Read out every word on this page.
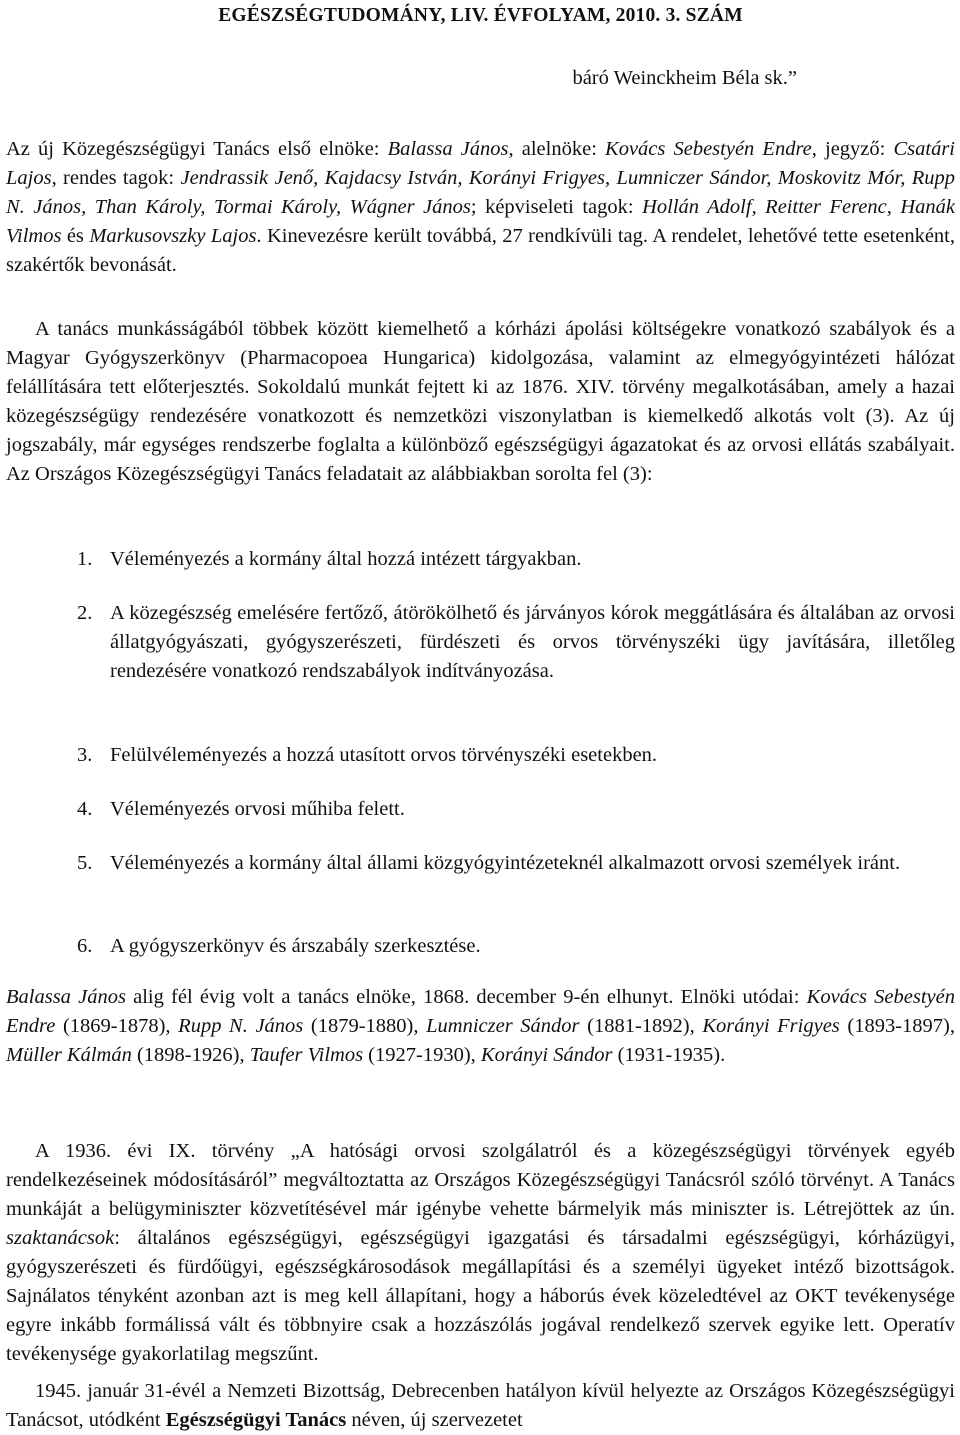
EGÉSZSÉGTUDOMÁNY, LIV. ÉVFOLYAM, 2010. 3. SZÁM
báró Weinckheim Béla sk.”

Az új Közegészségügyi Tanács első elnöke: Balassa János, alelnöke: Kovács Sebestyén Endre, jegyző: Csatári Lajos, rendes tagok: Jendrassik Jenő, Kajdacsy István, Korányi Frigyes, Lumniczer Sándor, Moskovitz Mór, Rupp N. János, Than Károly, Tormai Károly, Wágner János; képviseleti tagok: Hollán Adolf, Reitter Ferenc, Hanák Vilmos és Markusovszky Lajos. Kinevezésre került továbbá, 27 rendkívüli tag. A rendelet, lehetővé tette esetenként, szakértők bevonását.

A tanács munkásságából többek között kiemelhető a kórházi ápolási költségekre vonatkozó szabályok és a Magyar Gyógyszerkönyv (Pharmacopoea Hungarica) kidolgozása, valamint az elmegyógyintézeti hálózat felállítására tett előterjesztés. Sokoldalú munkát fejtett ki az 1876. XIV. törvény megalkotásában, amely a hazai közegészségügy rendezésére vonatkozott és nemzetközi viszonylatban is kiemelkedő alkotás volt (3). Az új jogszabály, már egységes rendszerbe foglalta a különböző egészségügyi ágazatokat és az orvosi ellátás szabályait. Az Országos Közegészségügyi Tanács feladatait az alábbiakban sorolta fel (3):

1. Véleményezés a kormány által hozzá intézett tárgyakban.
2. A közegészség emelésére fertőző, átörökölhető és járványos kórok meggátlására és általában az orvosi állatgyógyászati, gyógyszerészeti, fürdészeti és orvos törvényszéki ügy javítására, illetőleg rendezésére vonatkozó rendszabályok indítványozása.
3. Felülvéleményezés a hozzá utasított orvos törvényszéki esetekben.
4. Véleményezés orvosi műhiba felett.
5. Véleményezés a kormány által állami közgyógyintézeteknél alkalmazott orvosi személyek iránt.
6. A gyógyszerkönyv és árszabály szerkesztése.

Balassa János alig fél évig volt a tanács elnöke, 1868. december 9-én elhunyt. Elnöki utódai: Kovács Sebestyén Endre (1869-1878), Rupp N. János (1879-1880), Lumniczer Sándor (1881-1892), Korányi Frigyes (1893-1897), Müller Kálmán (1898-1926), Taufer Vilmos (1927-1930), Korányi Sándor (1931-1935).

A 1936. évi IX. törvény „A hatósági orvosi szolgálatról és a közegészségügyi törvények egyéb rendelkezéseinek módosításáról” megváltoztatta az Országos Közegészségügyi Tanácsról szóló törvényt. A Tanács munkáját a belügyminiszter közvetítésével már igénybe vehette bármelyik más miniszter is. Létrejöttek az ún. szaktanácsok: általános egészségügyi, egészségügyi igazgatási és társadalmi egészségügyi, kórházügyi, gyógyszerészeti és fürdőügyi, egészségkárosodások megállapítási és a személyi ügyeket intéző bizottságok. Sajnálatos tényként azonban azt is meg kell állapítani, hogy a háborús évek közeledtével az OKT tevékenysége egyre inkább formálissá vált és többnyire csak a hozzászólás jogával rendelkező szervek egyike lett. Operatív tevékenysége gyakorlatilag megszűnt.

1945. január 31-évél a Nemzeti Bizottság, Debrecenben hatályon kívül helyezte az Országos Közegészségügyi Tanácsot, utódként Egészségügyi Tanács néven, új szervezetet
